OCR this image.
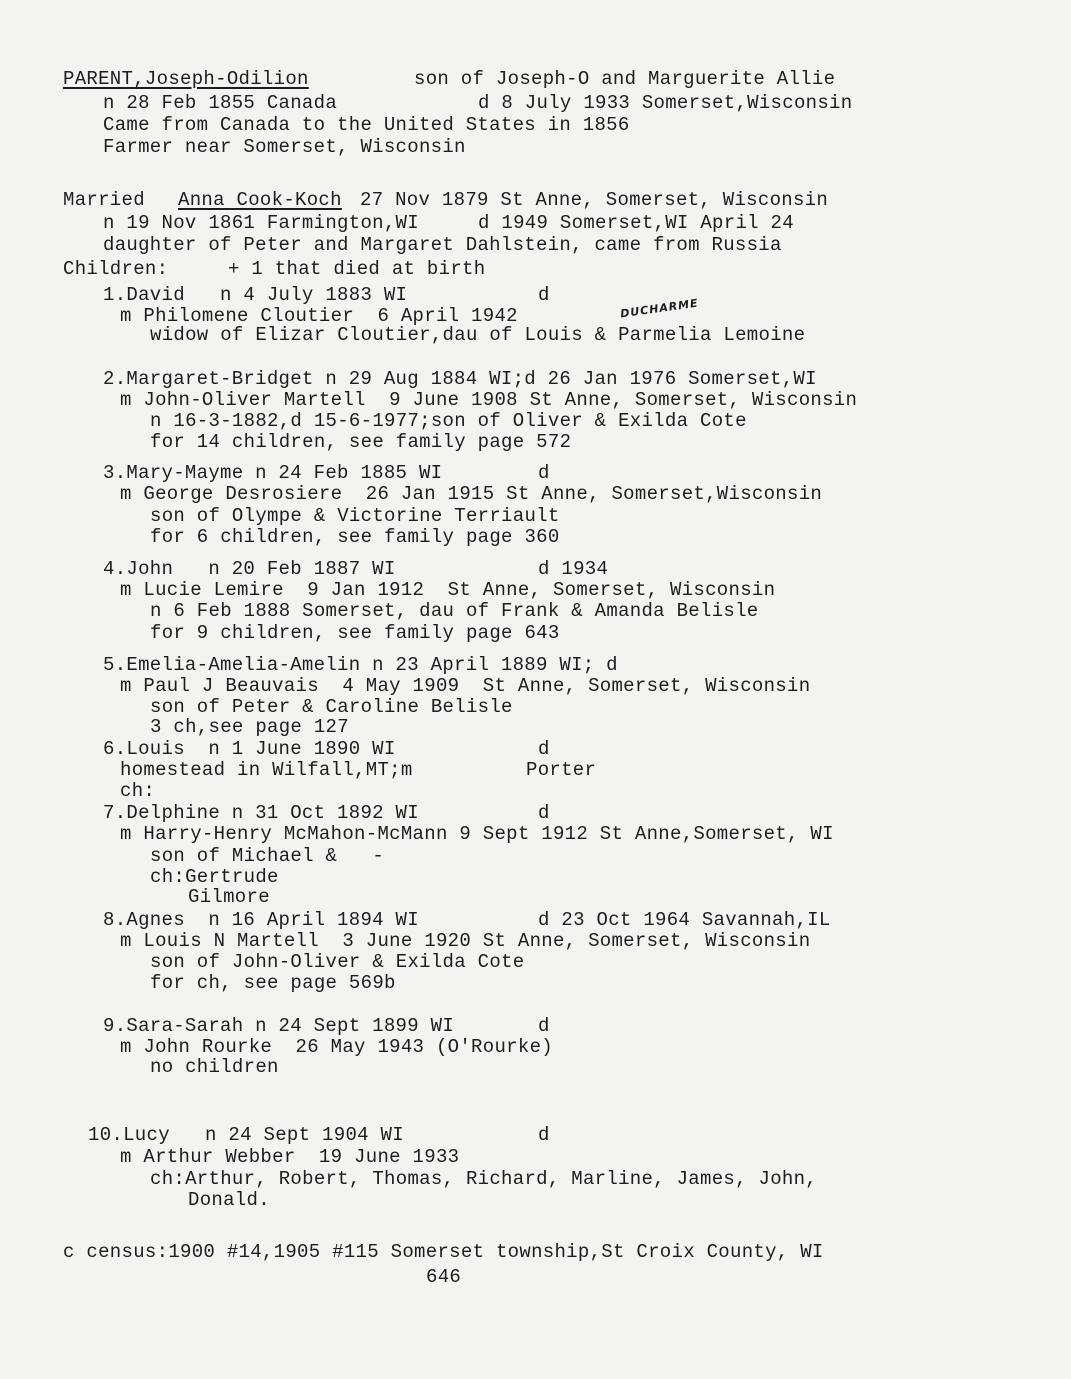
PARENT,Joseph-Odilion	son of Joseph-O and Marguerite Allie
n 28 Feb 1855 Canada	d 8 July 1933 Somerset,Wisconsin
Came from Canada to the United States in 1856
Farmer near Somerset, Wisconsin
Married Anna Cook-Koch 27 Nov 1879 St Anne, Somerset, Wisconsin
n 19 Nov 1861 Farmington,WI	d 1949 Somerset,WI April 24
daughter of Peter and Margaret Dahlstein, came from Russia
Children:	+ 1 that died at birth
1.David   n 4 July 1883 WI	d
m Philomene Cloutier  6 April 1942	DUCHARME
widow of Elizar Cloutier,dau of Louis & Parmelia Lemoine
2.Margaret-Bridget n 29 Aug 1884 WI;d 26 Jan 1976 Somerset,WI
m John-Oliver Martell  9 June 1908 St Anne, Somerset, Wisconsin
n 16-3-1882,d 15-6-1977;son of Oliver & Exilda Cote
for 14 children, see family page 572
3.Mary-Mayme n 24 Feb 1885 WI	d
m George Desrosiere  26 Jan 1915 St Anne, Somerset,Wisconsin
son of Olympe & Victorine Terriault
for 6 children, see family page 360
4.John   n 20 Feb 1887 WI	d 1934
m Lucie Lemire  9 Jan 1912  St Anne, Somerset, Wisconsin
n 6 Feb 1888 Somerset, dau of Frank & Amanda Belisle
for 9 children, see family page 643
5.Emelia-Amelia-Amelin n 23 April 1889 WI; d
m Paul J Beauvais  4 May 1909  St Anne, Somerset, Wisconsin
son of Peter & Caroline Belisle
3 ch,see page 127
6.Louis  n 1 June 1890 WI	d
homestead in Wilfall,MT;m	Porter
ch:
7.Delphine n 31 Oct 1892 WI	d
m Harry-Henry McMahon-McMann 9 Sept 1912 St Anne,Somerset, WI
son of Michael &   -
ch:Gertrude
Gilmore
8.Agnes  n 16 April 1894 WI	d 23 Oct 1964 Savannah,IL
m Louis N Martell  3 June 1920 St Anne, Somerset, Wisconsin
son of John-Oliver & Exilda Cote
for ch, see page 569b
9.Sara-Sarah n 24 Sept 1899 WI	d
m John Rourke  26 May 1943 (O'Rourke)
no children
10.Lucy   n 24 Sept 1904 WI	d
m Arthur Webber  19 June 1933
ch:Arthur, Robert, Thomas, Richard, Marline, James, John,
Donald.
c census:1900 #14,1905 #115 Somerset township,St Croix County, WI
646
